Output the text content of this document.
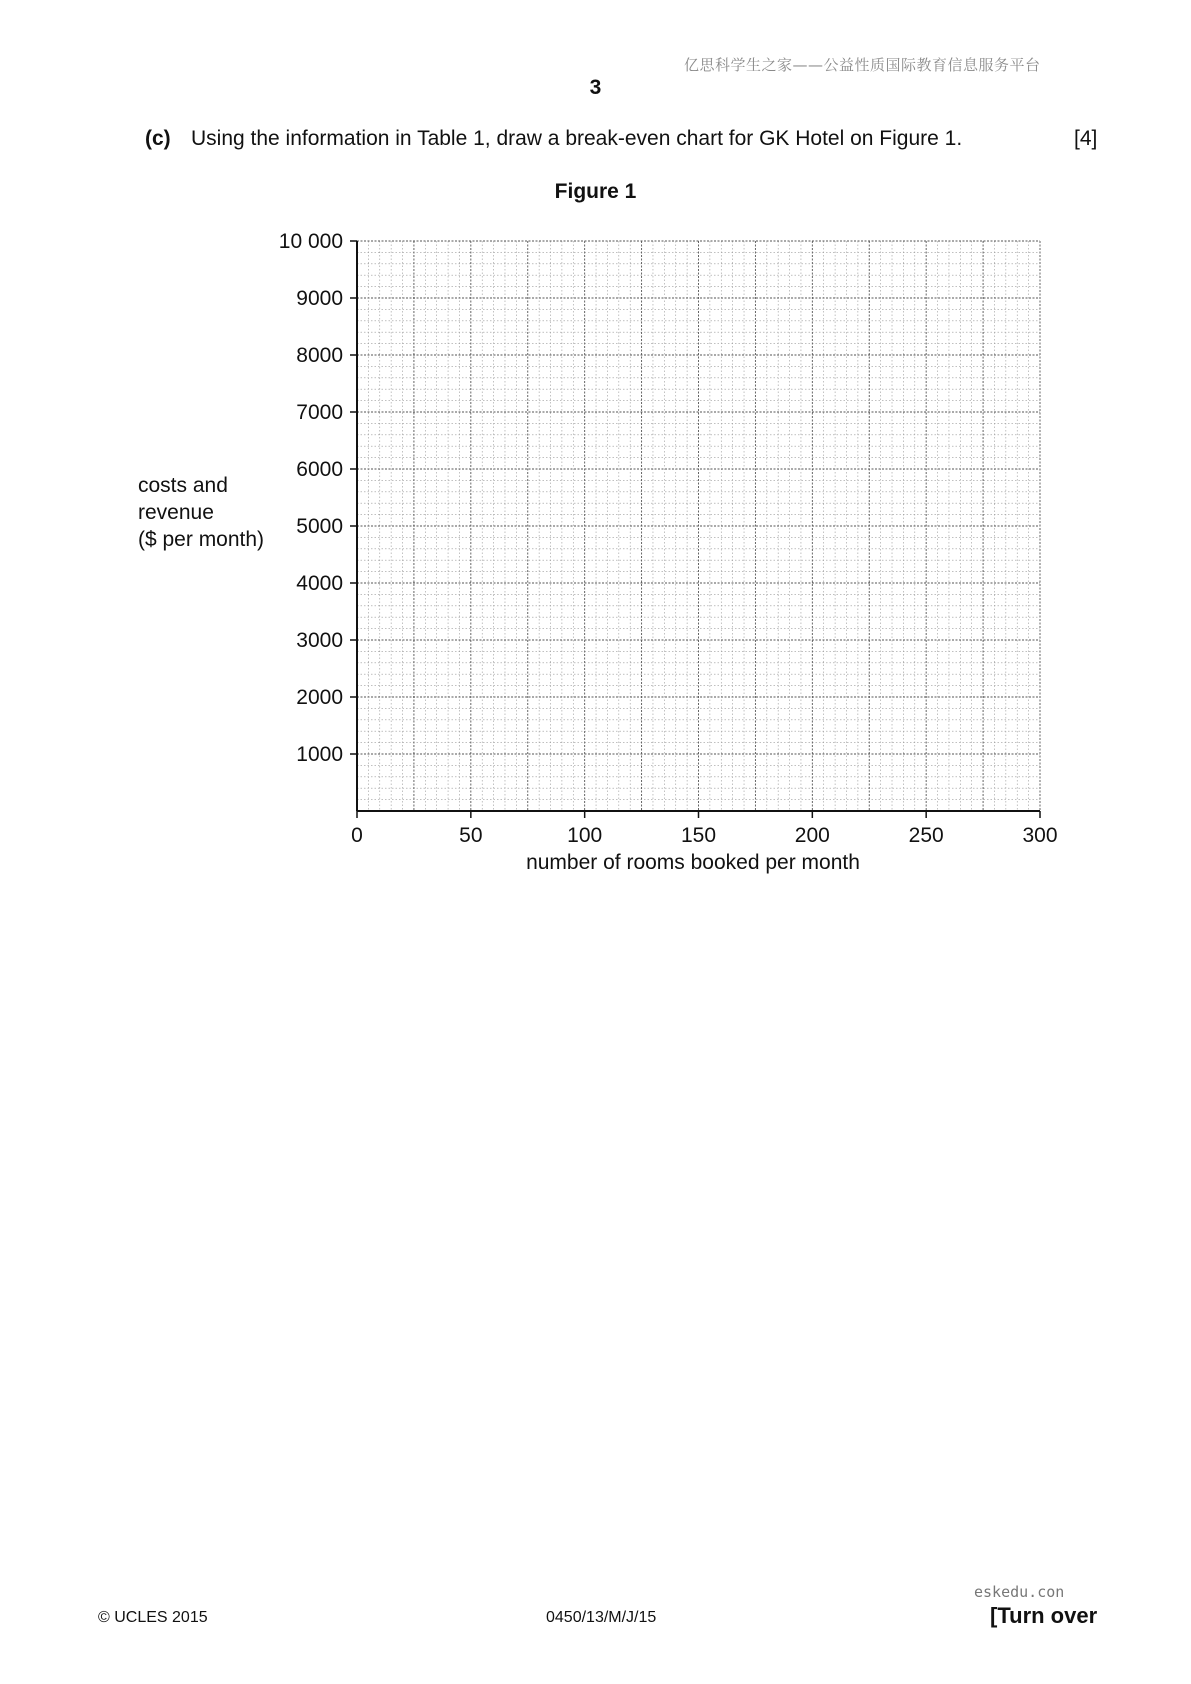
亿思科学生之家——公益性质国际教育信息服务平台
3
(c) Using the information in Table 1, draw a break-even chart for GK Hotel on Figure 1.	[4]
Figure 1
costs and
revenue
($ per month)
0	50	100	150	200	250	300
1000
2000
3000
4000
5000
6000
7000
8000
9000
10 000
number of rooms booked per month
© UCLES 2015	0450/13/M/J/15
eskedu.con
[Turn over
